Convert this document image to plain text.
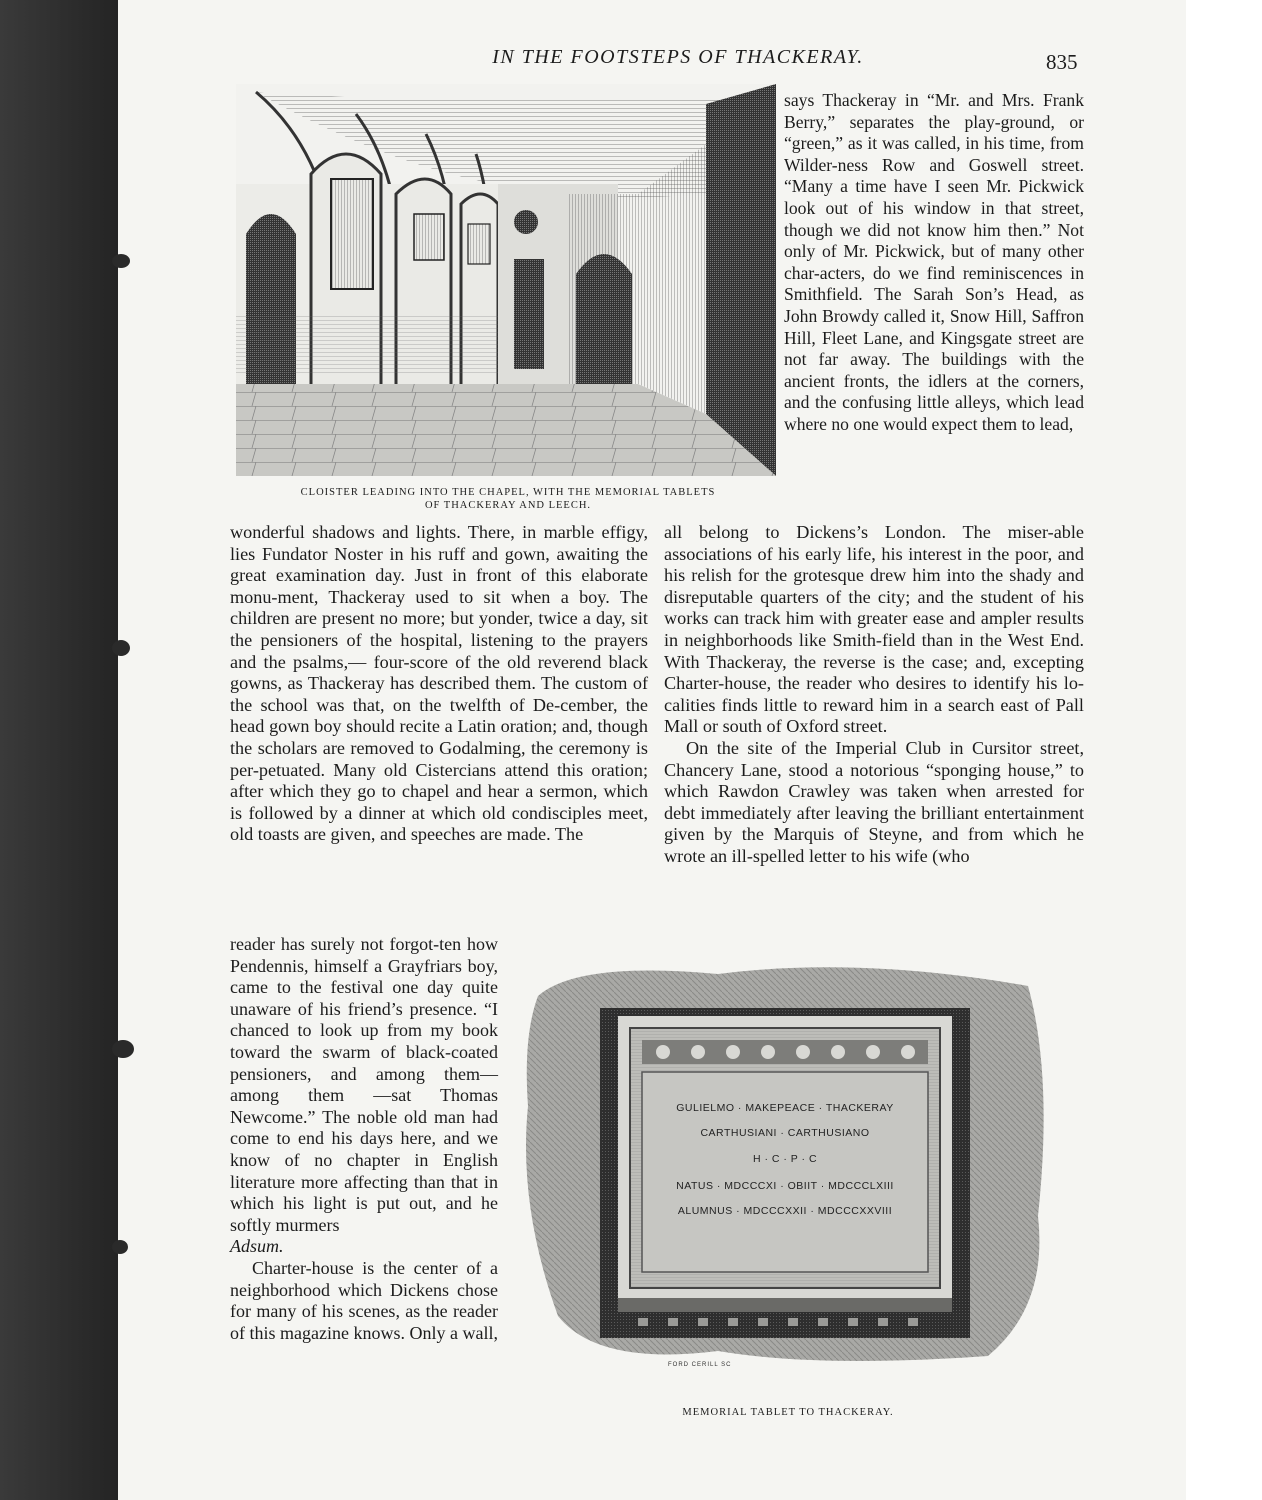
IN THE FOOTSTEPS OF THACKERAY.	835
CLOISTER LEADING INTO THE CHAPEL, WITH THE MEMORIAL TABLETS
OF THACKERAY AND LEECH.

says Thackeray in “Mr. and Mrs. Frank Berry,” separates the play-ground, or “green,” as it was called, in his time, from Wilder-ness Row and Goswell street. “Many a time have I seen Mr. Pickwick look out of his window in that street, though we did not know him then.” Not only of Mr. Pickwick, but of many other char-acters, do we find reminiscences in Smithfield. The Sarah Son’s Head, as John Browdy called it, Snow Hill, Saffron Hill, Fleet Lane, and Kingsgate street are not far away. The buildings with the ancient fronts, the idlers at the corners, and the confusing little alleys, which lead where no one would expect them to lead,

wonderful shadows and lights. There, in marble effigy, lies Fundator Noster in his ruff and gown, awaiting the great examination day. Just in front of this elaborate monu-ment, Thackeray used to sit when a boy. The children are present no more; but yonder, twice a day, sit the pensioners of the hospital, listening to the prayers and the psalms,— four-score of the old reverend black gowns, as Thackeray has described them. The custom of the school was that, on the twelfth of De-cember, the head gown boy should recite a Latin oration; and, though the scholars are removed to Godalming, the ceremony is per-petuated. Many old Cistercians attend this oration; after which they go to chapel and hear a sermon, which is followed by a dinner at which old condisciples meet, old toasts are given, and speeches are made. The

all belong to Dickens’s London. The miser-able associations of his early life, his interest in the poor, and his relish for the grotesque drew him into the shady and disreputable quarters of the city; and the student of his works can track him with greater ease and ampler results in neighborhoods like Smith-field than in the West End. With Thackeray, the reverse is the case; and, excepting Charter-house, the reader who desires to identify his lo-calities finds little to reward him in a search east of Pall Mall or south of Oxford street.

On the site of the Imperial Club in Cursitor street, Chancery Lane, stood a notorious “sponging house,” to which Rawdon Crawley was taken when arrested for debt immediately after leaving the brilliant entertainment given by the Marquis of Steyne, and from which he wrote an ill-spelled letter to his wife (who

reader has surely not forgot-ten how Pendennis, himself a Grayfriars boy, came to the festival one day quite unaware of his friend’s presence. “I chanced to look up from my book toward the swarm of black-coated pensioners, and among them—among them —sat Thomas Newcome.” The noble old man had come to end his days here, and we know of no chapter in English literature more affecting than that in which his light is put out, and he softly murmers
Adsum.

Charter-house is the center of a neighborhood which Dickens chose for many of his scenes, as the reader of this magazine knows. Only a wall,

GULIELMO · MAKEPEACE · THACKERAY
CARTHUSIANI · CARTHUSIANO
H · C · P · C
NATUS · MDCCCXI · OBIIT · MDCCCLXIII
ALUMNUS · MDCCCXXII · MDCCCXXVIII
FORD CERILL SC
MEMORIAL TABLET TO THACKERAY.
